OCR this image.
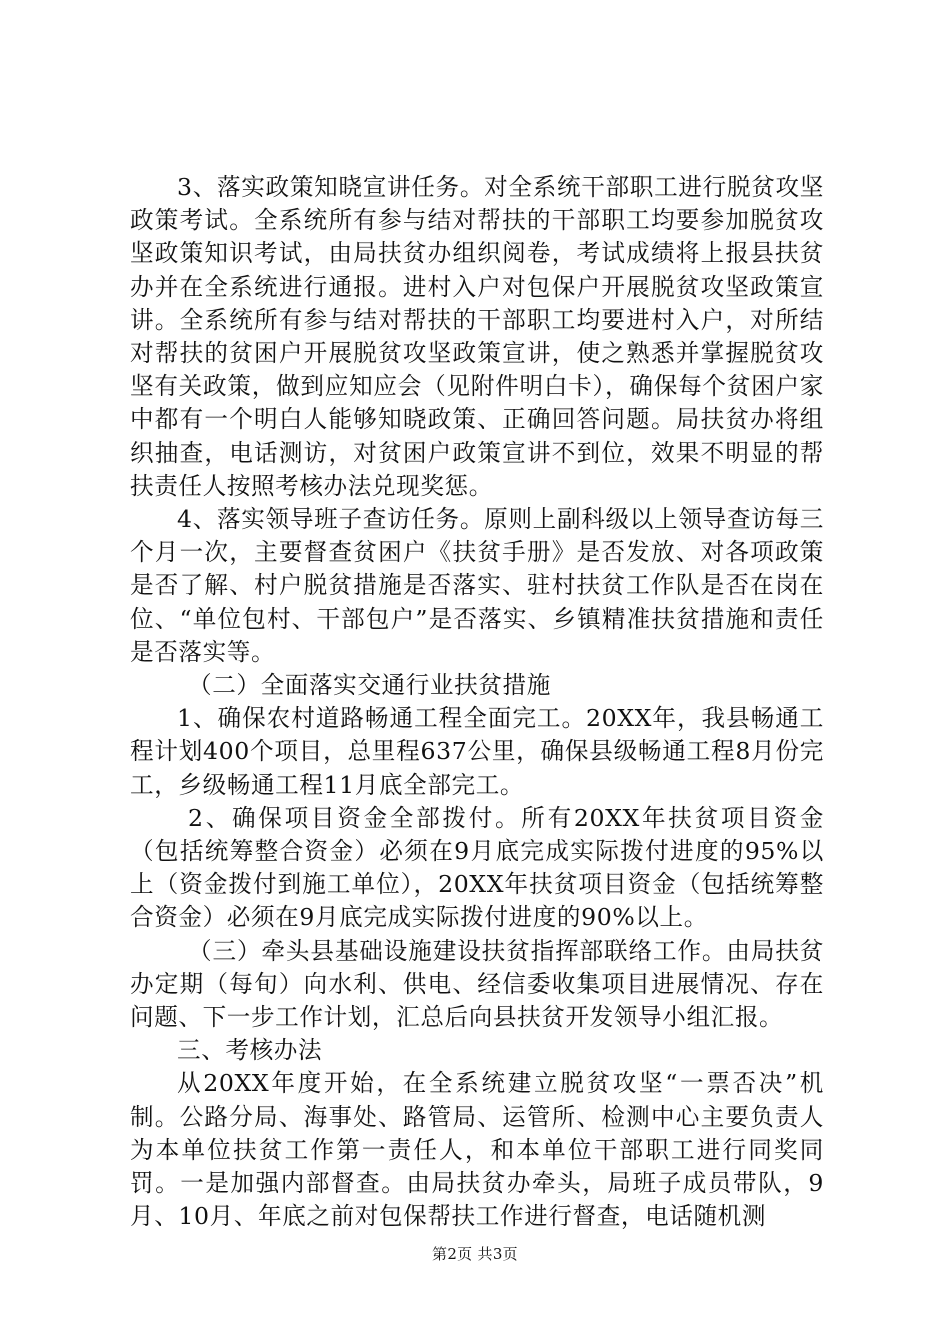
3、落实政策知晓宣讲任务。对全系统干部职工进行脱贫攻坚政策考试。全系统所有参与结对帮扶的干部职工均要参加脱贫攻坚政策知识考试，由局扶贫办组织阅卷，考试成绩将上报县扶贫办并在全系统进行通报。进村入户对包保户开展脱贫攻坚政策宣讲。全系统所有参与结对帮扶的干部职工均要进村入户，对所结对帮扶的贫困户开展脱贫攻坚政策宣讲，使之熟悉并掌握脱贫攻坚有关政策，做到应知应会（见附件明白卡），确保每个贫困户家中都有一个明白人能够知晓政策、正确回答问题。局扶贫办将组织抽查，电话测访，对贫困户政策宣讲不到位，效果不明显的帮扶责任人按照考核办法兑现奖惩。

4、落实领导班子查访任务。原则上副科级以上领导查访每三个月一次，主要督查贫困户《扶贫手册》是否发放、对各项政策是否了解、村户脱贫措施是否落实、驻村扶贫工作队是否在岗在位、“单位包村、干部包户”是否落实、乡镇精准扶贫措施和责任是否落实等。

（二）全面落实交通行业扶贫措施

1、确保农村道路畅通工程全面完工。20XX年，我县畅通工程计划400个项目，总里程637公里，确保县级畅通工程8月份完工，乡级畅通工程11月底全部完工。

2、确保项目资金全部拨付。所有20XX年扶贫项目资金（包括统筹整合资金）必须在9月底完成实际拨付进度的95%以上（资金拨付到施工单位），20XX年扶贫项目资金（包括统筹整合资金）必须在9月底完成实际拨付进度的90%以上。

（三）牵头县基础设施建设扶贫指挥部联络工作。由局扶贫办定期（每旬）向水利、供电、经信委收集项目进展情况、存在问题、下一步工作计划，汇总后向县扶贫开发领导小组汇报。

三、考核办法

从20XX年度开始，在全系统建立脱贫攻坚“一票否决”机制。公路分局、海事处、路管局、运管所、检测中心主要负责人为本单位扶贫工作第一责任人，和本单位干部职工进行同奖同罚。一是加强内部督查。由局扶贫办牵头，局班子成员带队，9月、10月、年底之前对包保帮扶工作进行督查，电话随机测

第2页 共3页
